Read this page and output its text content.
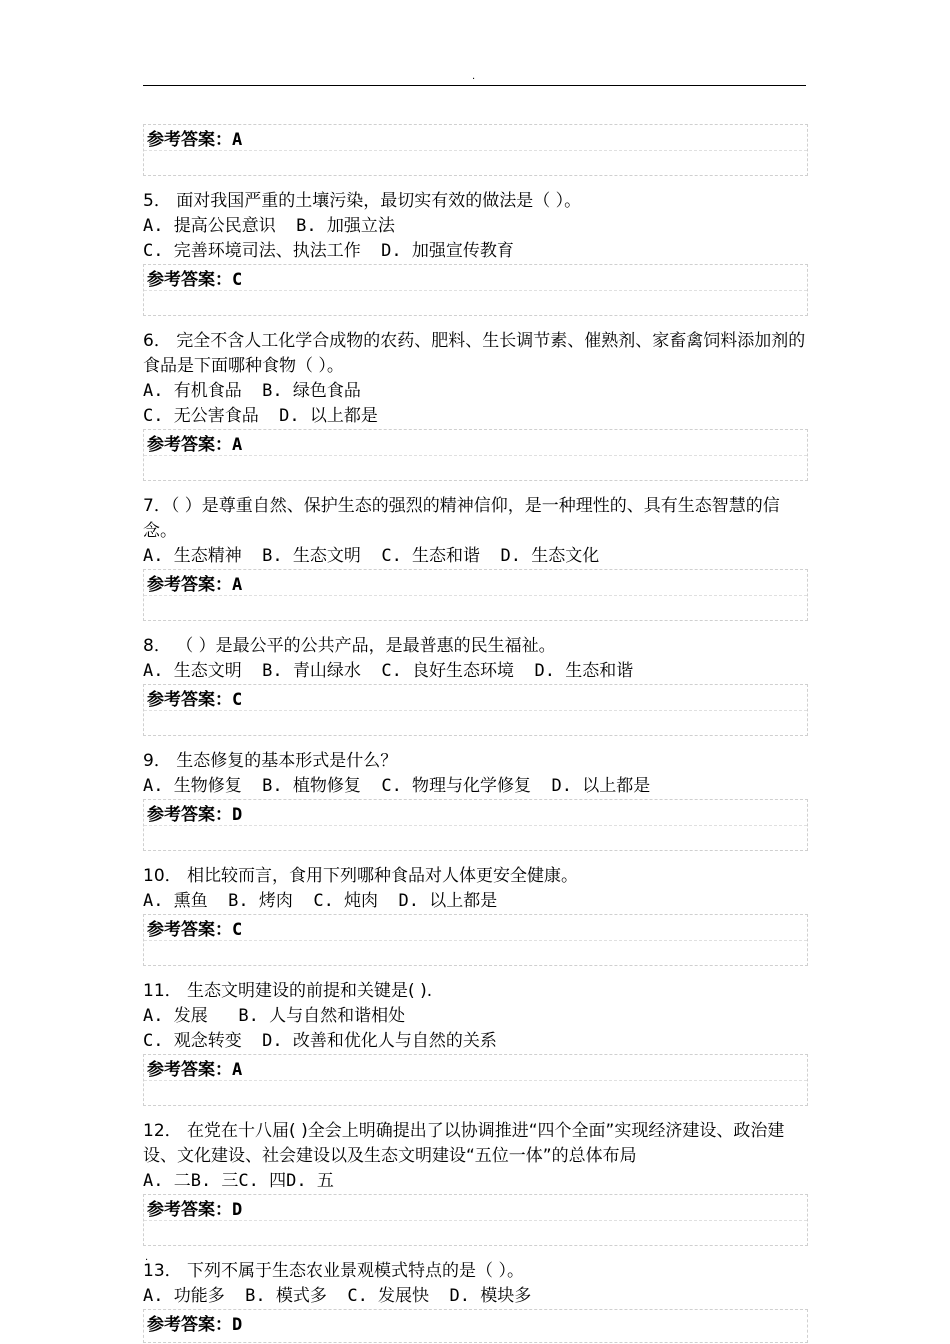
.
参考答案：A

5． 面对我国严重的土壤污染，最切实有效的做法是（ ）。

A. 提高公民意识  B. 加强立法

C. 完善环境司法、执法工作  D. 加强宣传教育

参考答案：C

6． 完全不含人工化学合成物的农药、肥料、生长调节素、催熟剂、家畜禽饲料添加剂的食品是下面哪种食物（ ）。

A. 有机食品  B. 绿色食品

C. 无公害食品  D. 以上都是

参考答案：A

7．（ ）是尊重自然、保护生态的强烈的精神信仰，是一种理性的、具有生态智慧的信念。

A. 生态精神  B. 生态文明  C. 生态和谐  D. 生态文化

参考答案：A

8． （ ）是最公平的公共产品，是最普惠的民生福祉。

A. 生态文明  B. 青山绿水  C. 良好生态环境  D. 生态和谐

参考答案：C

9． 生态修复的基本形式是什么？

A. 生物修复  B. 植物修复  C. 物理与化学修复  D. 以上都是

参考答案：D

10． 相比较而言，食用下列哪种食品对人体更安全健康。

A. 熏鱼  B. 烤肉  C. 炖肉  D. 以上都是

参考答案：C

11． 生态文明建设的前提和关键是( ).

A. 发展   B. 人与自然和谐相处

C. 观念转变  D. 改善和优化人与自然的关系

参考答案：A

12． 在党在十八届( )全会上明确提出了以协调推进“四个全面”实现经济建设、政治建设、文化建设、社会建设以及生态文明建设“五位一体”的总体布局

A. 二B. 三C. 四D. 五

参考答案：D

13． 下列不属于生态农业景观模式特点的是（ ）。

A. 功能多  B. 模式多  C. 发展快  D. 模块多

参考答案：D
.
